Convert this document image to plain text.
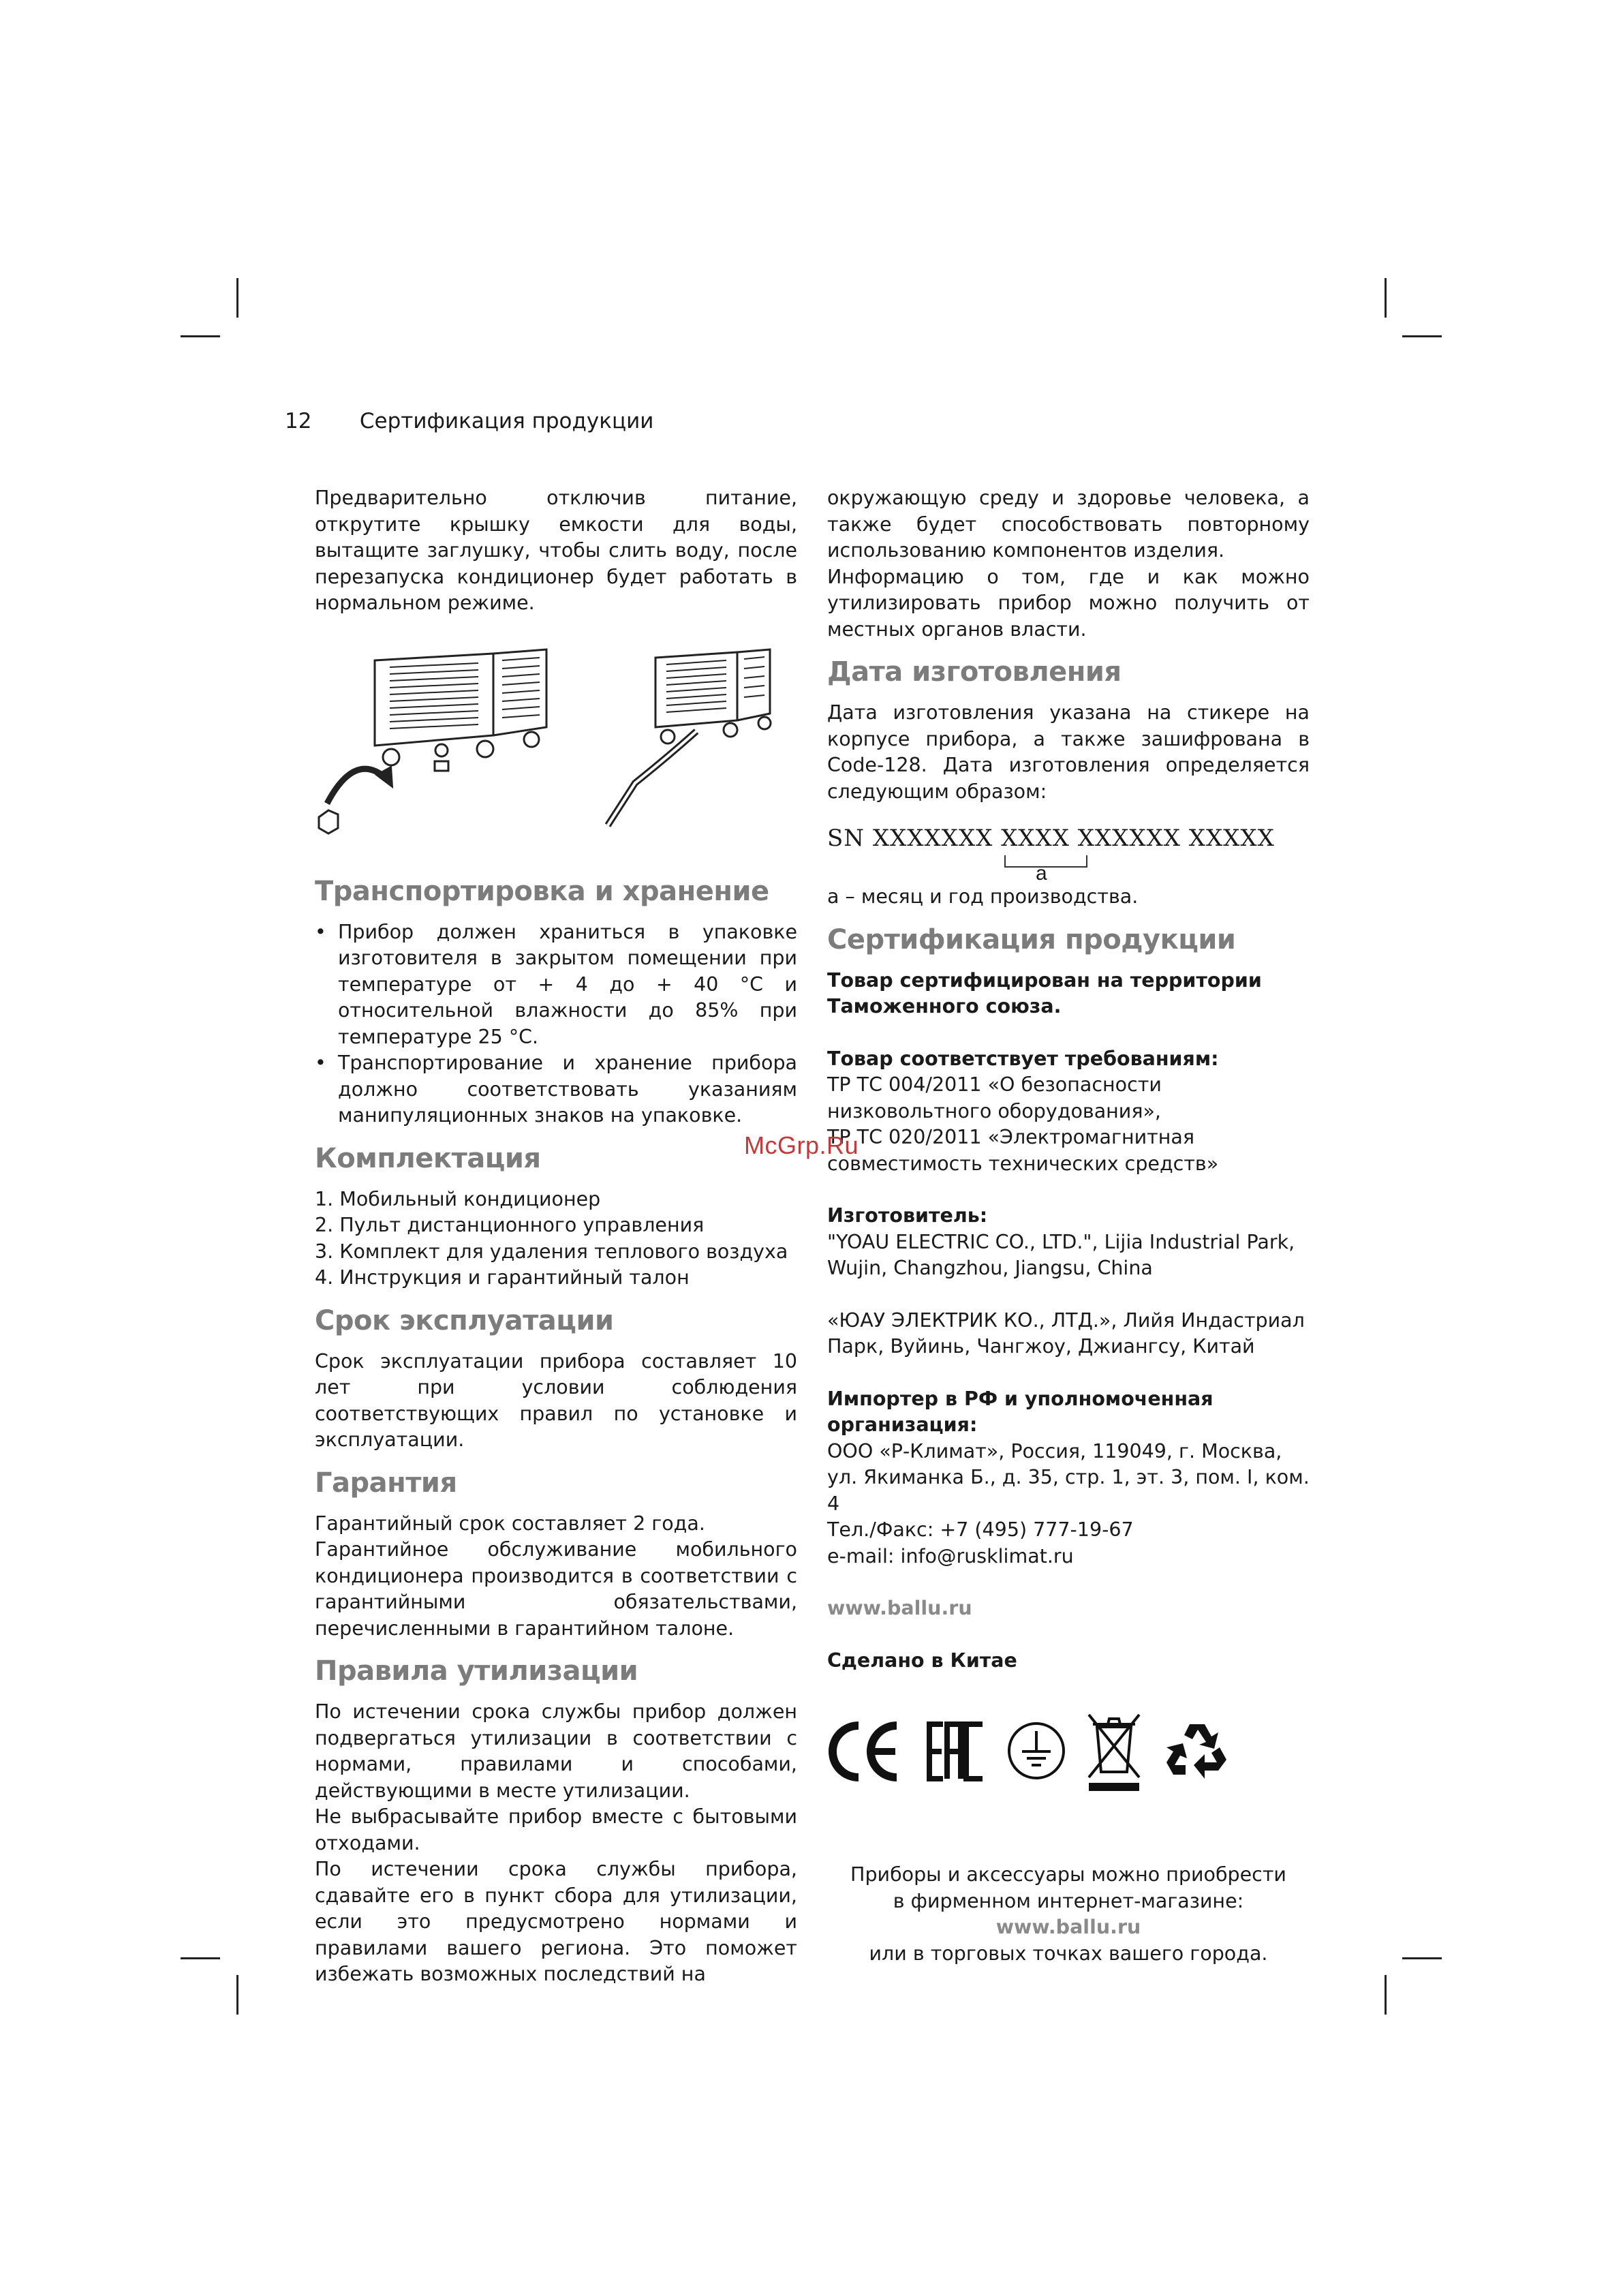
12 Сертификация продукции

Предварительно отключив питание, открутите крышку емкости для воды, вытащите заглушку, чтобы слить воду, после перезапуска кондиционер будет работать в нормальном режиме.

Транспортировка и хранение
• Прибор должен храниться в упаковке изготовителя в закрытом помещении при температуре от + 4 до + 40 °С и относительной влажности до 85% при температуре 25 °С.
• Транспортирование и хранение прибора должно соответствовать указаниям манипуляционных знаков на упаковке.
Комплектация
1. Мобильный кондиционер
2. Пульт дистанционного управления
3. Комплект для удаления теплового воздуха
4. Инструкция и гарантийный талон
Срок эксплуатации

Срок эксплуатации прибора составляет 10 лет при условии соблюдения соответствующих правил по установке и эксплуатации.

Гарантия

Гарантийный срок составляет 2 года.

Гарантийное обслуживание мобильного кондиционера производится в соответствии с гарантийными обязательствами, перечисленными в гарантийном талоне.

Правила утилизации

По истечении срока службы прибор должен подвергаться утилизации в соответствии с нормами, правилами и способами, действующими в месте утилизации.

Не выбрасывайте прибор вместе с бытовыми отходами.

По истечении срока службы прибора, сдавайте его в пункт сбора для утилизации, если это предусмотрено нормами и правилами вашего региона. Это поможет избежать возможных последствий на

окружающую среду и здоровье человека, а также будет способствовать повторному использованию компонентов изделия.

Информацию о том, где и как можно утилизировать прибор можно получить от местных органов власти.

Дата изготовления

Дата изготовления указана на стикере на корпусе прибора, а также зашифрована в Code-128. Дата изготовления определяется следующим образом:

SN XXXXXXX XXXX XXXXXX XXXXX
a

a – месяц и год производства.

Сертификация продукции

Товар сертифицирован на территории Таможенного союза.

Товар соответствует требованиям:

ТР ТС 004/2011 «О безопасности низковольтного оборудования»,

ТР ТС 020/2011 «Электромагнитная совместимость технических средств»

Изготовитель:

"YOAU ELECTRIC CO., LTD.", Lijia Industrial Park, Wujin, Changzhou, Jiangsu, China

«ЮАУ ЭЛЕКТРИК КО., ЛТД.», Лийя Индастриал Парк, Вуйинь, Чангжоу, Джиангсу, Китай

Импортер в РФ и уполномоченная организация:

ООО «Р-Климат», Россия, 119049, г. Москва, ул. Якиманка Б., д. 35, стр. 1, эт. 3, пом. I, ком. 4

Тел./Факс: +7 (495) 777-19-67

e-mail: info@rusklimat.ru

www.ballu.ru

Сделано в Китае

Приборы и аксессуары можно приобрести

в фирменном интернет-магазине:

www.ballu.ru

или в торговых точках вашего города.

McGrp.Ru
